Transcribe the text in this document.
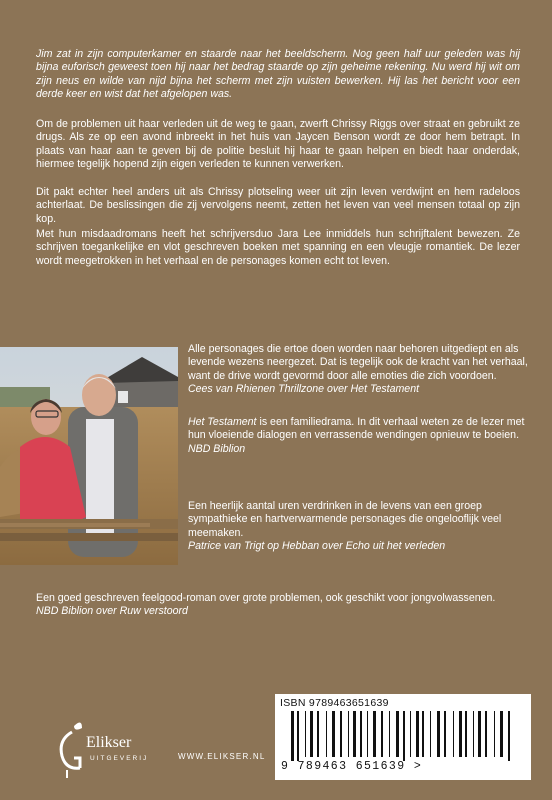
Jim zat in zijn computerkamer en staarde naar het beeldscherm. Nog geen half uur geleden was hij bijna euforisch geweest toen hij naar het bedrag staarde op zijn geheime rekening. Nu werd hij wit om zijn neus en wilde van nijd bijna het scherm met zijn vuisten bewerken. Hij las het bericht voor een derde keer en wist dat het afgelopen was.

Om de problemen uit haar verleden uit de weg te gaan, zwerft Chrissy Riggs over straat en gebruikt ze drugs. Als ze op een avond inbreekt in het huis van Jaycen Benson wordt ze door hem betrapt. In plaats van haar aan te geven bij de politie besluit hij haar te gaan helpen en biedt haar onderdak, hiermee tegelijk hopend zijn eigen verleden te kunnen verwerken.

Dit pakt echter heel anders uit als Chrissy plotseling weer uit zijn leven verdwijnt en hem radeloos achterlaat. De beslissingen die zij vervolgens neemt, zetten het leven van veel mensen totaal op zijn kop.

Met hun misdaadromans heeft het schrijversduo Jara Lee inmiddels hun schrijftalent bewezen. Ze schrijven toegankelijke en vlot geschreven boeken met spanning en een vleugje romantiek. De lezer wordt meegetrokken in het verhaal en de personages komen echt tot leven.

Alle personages die ertoe doen worden naar behoren uitgediept en als levende wezens neergezet. Dat is tegelijk ook de kracht van het verhaal, want de drive wordt gevormd door alle emoties die zich voordoen.
Cees van Rhienen Thrillzone over Het Testament
Het Testament is een familiedrama. In dit verhaal weten ze de lezer met hun vloeiende dialogen en verrassende wendingen opnieuw te boeien.
NBD Biblion
Een heerlijk aantal uren verdrinken in de levens van een groep sympathieke en hartverwarmende personages die ongelooflijk veel meemaken.
Patrice van Trigt op Hebban over Echo uit het verleden
Een goed geschreven feelgood-roman over grote problemen, ook geschikt voor jongvolwassenen.
NBD Biblion over Ruw verstoord
Elikser
UITGEVERIJ	WWW.ELIKSER.NL
ISBN 9789463651639
9 789463 651639 >
